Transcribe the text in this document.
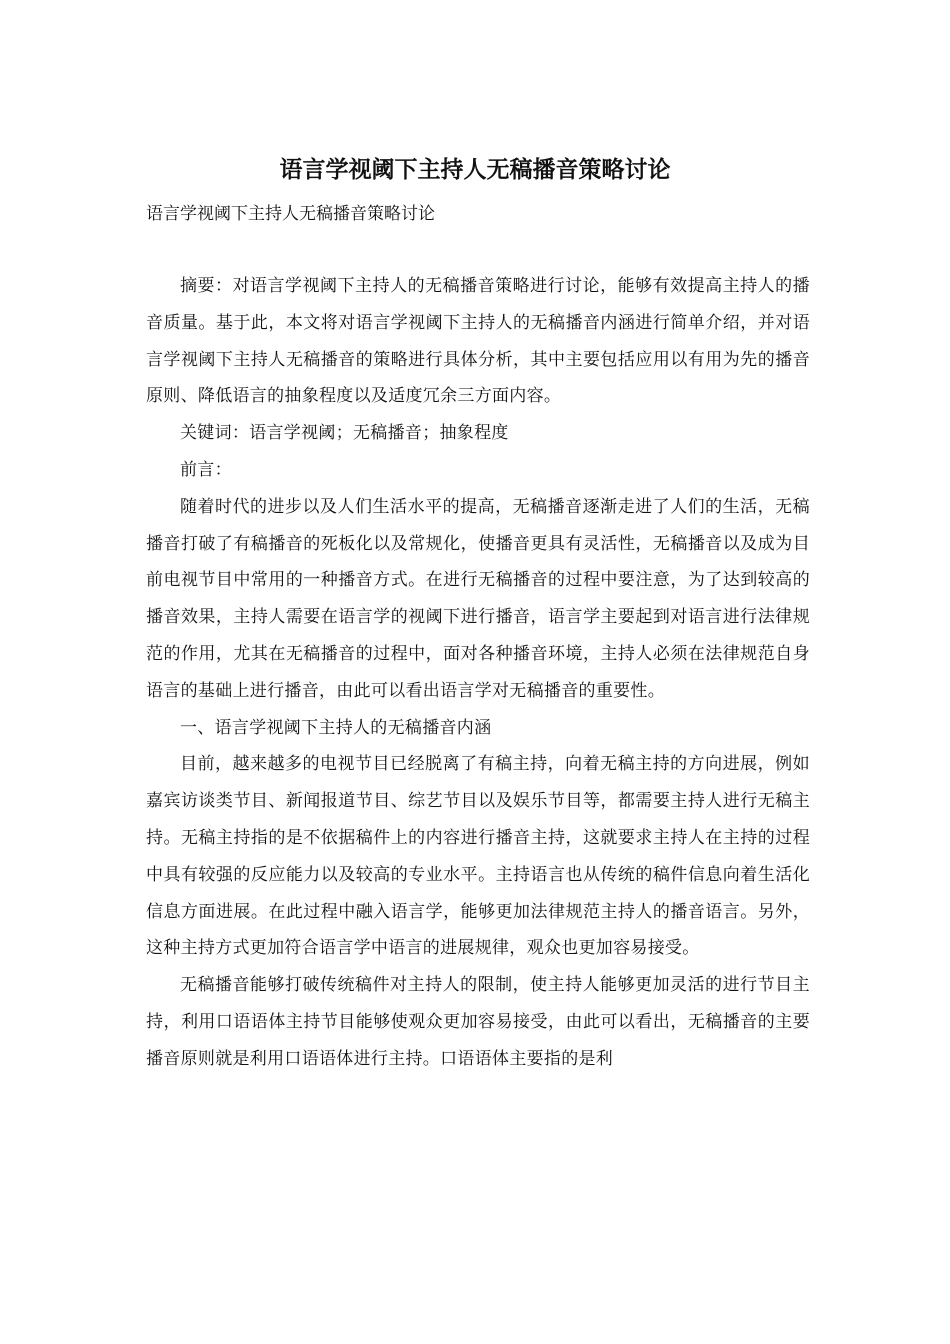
语言学视阈下主持人无稿播音策略讨论

语言学视阈下主持人无稿播音策略讨论

摘要：对语言学视阈下主持人的无稿播音策略进行讨论，能够有效提高主持人的播音质量。基于此，本文将对语言学视阈下主持人的无稿播音内涵进行简单介绍，并对语言学视阈下主持人无稿播音的策略进行具体分析，其中主要包括应用以有用为先的播音原则、降低语言的抽象程度以及适度冗余三方面内容。

关键词：语言学视阈；无稿播音；抽象程度

前言：

随着时代的进步以及人们生活水平的提高，无稿播音逐渐走进了人们的生活，无稿播音打破了有稿播音的死板化以及常规化，使播音更具有灵活性，无稿播音以及成为目前电视节目中常用的一种播音方式。在进行无稿播音的过程中要注意，为了达到较高的播音效果，主持人需要在语言学的视阈下进行播音，语言学主要起到对语言进行法律规范的作用，尤其在无稿播音的过程中，面对各种播音环境，主持人必须在法律规范自身语言的基础上进行播音，由此可以看出语言学对无稿播音的重要性。

一、语言学视阈下主持人的无稿播音内涵

目前，越来越多的电视节目已经脱离了有稿主持，向着无稿主持的方向进展，例如嘉宾访谈类节目、新闻报道节目、综艺节目以及娱乐节目等，都需要主持人进行无稿主持。无稿主持指的是不依据稿件上的内容进行播音主持，这就要求主持人在主持的过程中具有较强的反应能力以及较高的专业水平。主持语言也从传统的稿件信息向着生活化信息方面进展。在此过程中融入语言学，能够更加法律规范主持人的播音语言。另外，这种主持方式更加符合语言学中语言的进展规律，观众也更加容易接受。

无稿播音能够打破传统稿件对主持人的限制，使主持人能够更加灵活的进行节目主持，利用口语语体主持节目能够使观众更加容易接受，由此可以看出，无稿播音的主要播音原则就是利用口语语体进行主持。口语语体主要指的是利
